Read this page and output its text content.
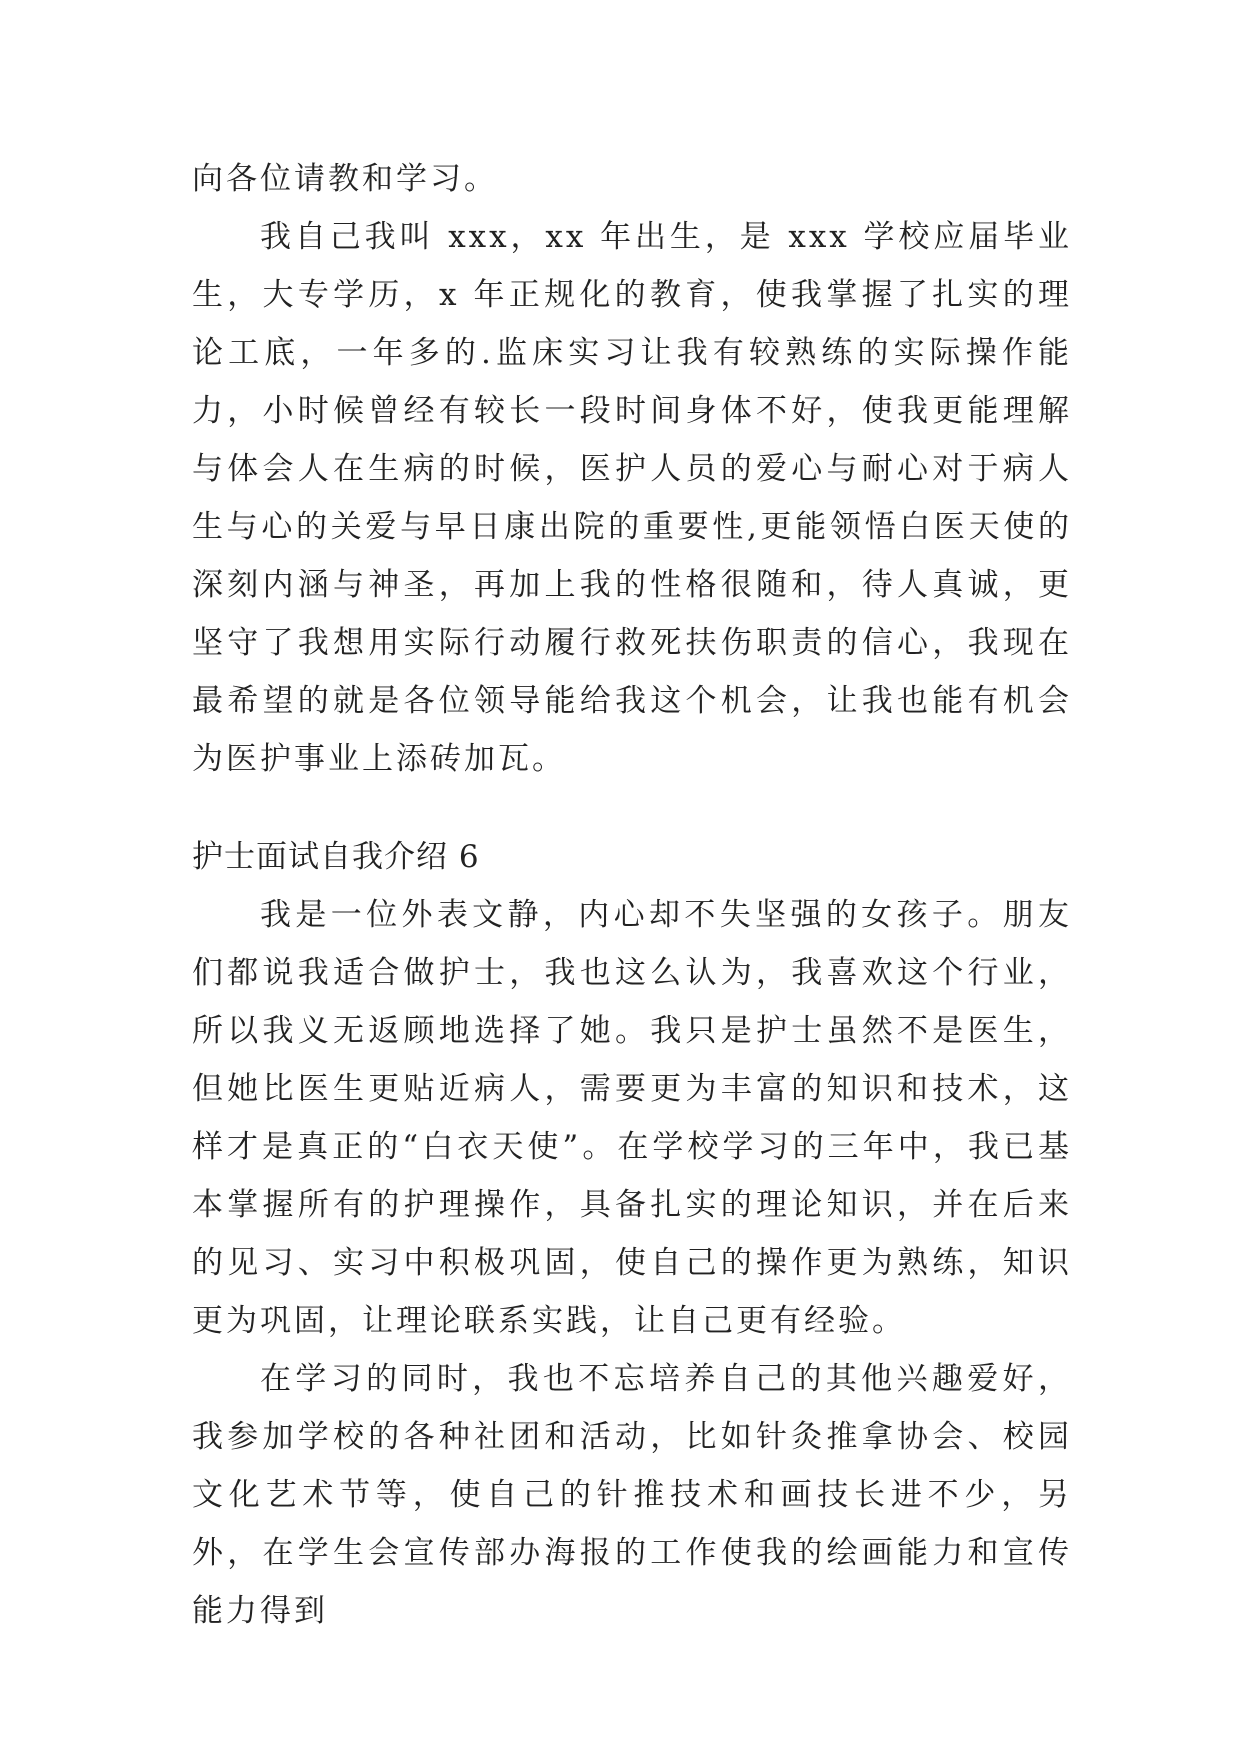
向各位请教和学习。

我自己我叫 xxx，xx 年出生，是 xxx 学校应届毕业生，大专学历，x 年正规化的教育，使我掌握了扎实的理论工底，一年多的.监床实习让我有较熟练的实际操作能力，小时候曾经有较长一段时间身体不好，使我更能理解与体会人在生病的时候，医护人员的爱心与耐心对于病人生与心的关爱与早日康出院的重要性,更能领悟白医天使的深刻内涵与神圣，再加上我的性格很随和，待人真诚，更坚守了我想用实际行动履行救死扶伤职责的信心，我现在最希望的就是各位领导能给我这个机会，让我也能有机会为医护事业上添砖加瓦。

护士面试自我介绍 6

我是一位外表文静，内心却不失坚强的女孩子。朋友们都说我适合做护士，我也这么认为，我喜欢这个行业，所以我义无返顾地选择了她。我只是护士虽然不是医生，但她比医生更贴近病人，需要更为丰富的知识和技术，这样才是真正的“白衣天使”。在学校学习的三年中，我已基本掌握所有的护理操作，具备扎实的理论知识，并在后来的见习、实习中积极巩固，使自己的操作更为熟练，知识更为巩固，让理论联系实践，让自己更有经验。

在学习的同时，我也不忘培养自己的其他兴趣爱好，我参加学校的各种社团和活动，比如针灸推拿协会、校园文化艺术节等，使自己的针推技术和画技长进不少，另外，在学生会宣传部办海报的工作使我的绘画能力和宣传能力得到
